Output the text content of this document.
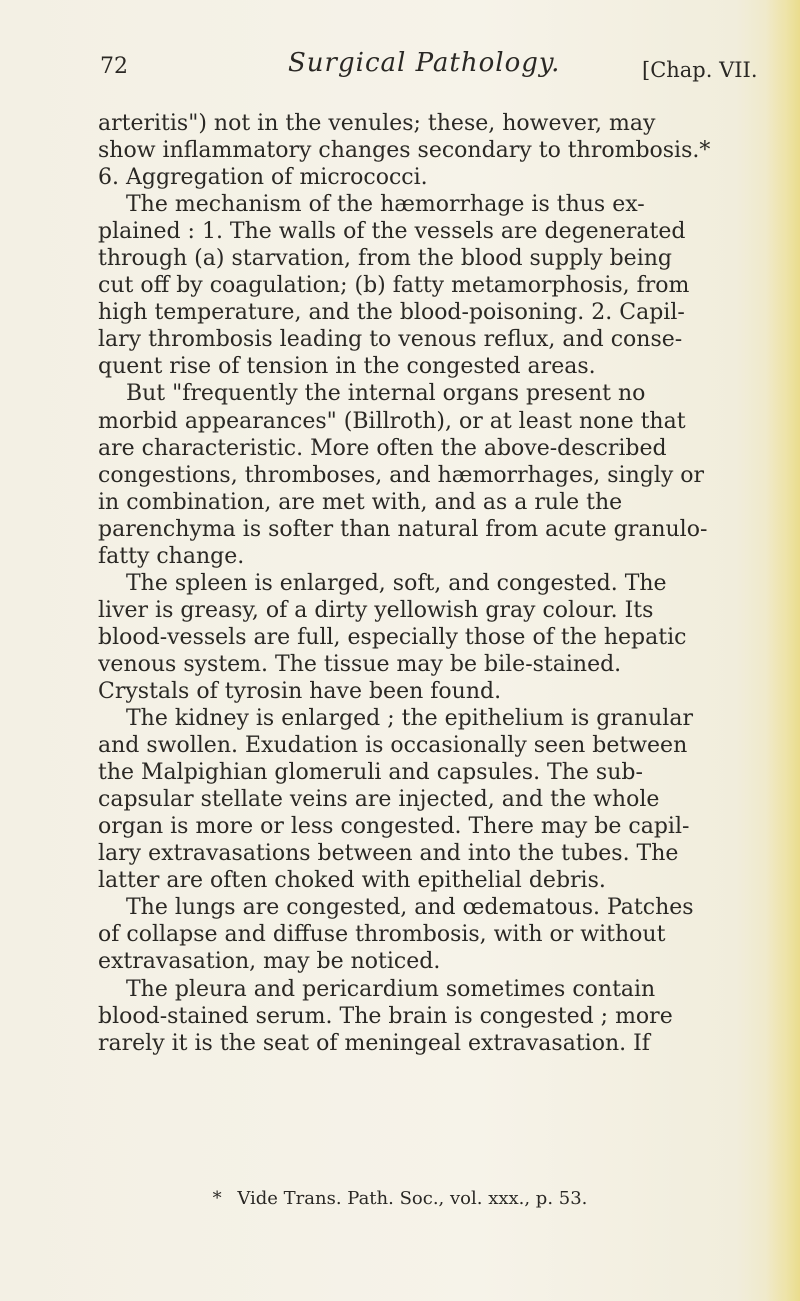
72	Surgical Pathology.	[Chap. VII.
arteritis") not in the venules; these, however, may
show inflammatory changes secondary to thrombosis.*
6. Aggregation of micrococci.
The mechanism of the hæmorrhage is thus ex-
plained : 1. The walls of the vessels are degenerated
through (a) starvation, from the blood supply being
cut off by coagulation; (b) fatty metamorphosis, from
high temperature, and the blood-poisoning. 2. Capil-
lary thrombosis leading to venous reflux, and conse-
quent rise of tension in the congested areas.
But "frequently the internal organs present no
morbid appearances" (Billroth), or at least none that
are characteristic. More often the above-described
congestions, thromboses, and hæmorrhages, singly or
in combination, are met with, and as a rule the
parenchyma is softer than natural from acute granulo-
fatty change.
The spleen is enlarged, soft, and congested. The
liver is greasy, of a dirty yellowish gray colour. Its
blood-vessels are full, especially those of the hepatic
venous system. The tissue may be bile-stained.
Crystals of tyrosin have been found.
The kidney is enlarged ; the epithelium is granular
and swollen. Exudation is occasionally seen between
the Malpighian glomeruli and capsules. The sub-
capsular stellate veins are injected, and the whole
organ is more or less congested. There may be capil-
lary extravasations between and into the tubes. The
latter are often choked with epithelial debris.
The lungs are congested, and œdematous. Patches
of collapse and diffuse thrombosis, with or without
extravasation, may be noticed.
The pleura and pericardium sometimes contain
blood-stained serum. The brain is congested ; more
rarely it is the seat of meningeal extravasation. If
* Vide Trans. Path. Soc., vol. xxx., p. 53.
